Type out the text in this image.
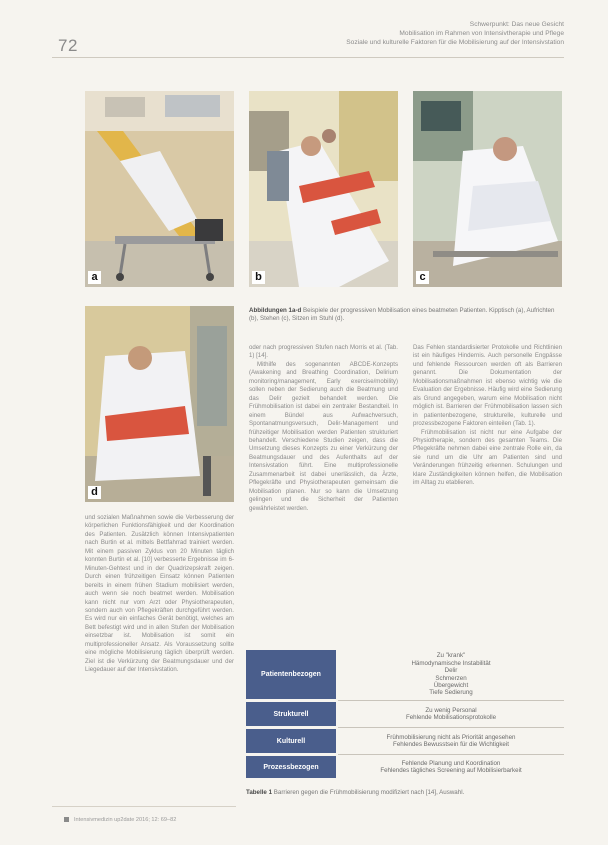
72
Schwerpunkt: Das neue Gesicht
Mobilisation im Rahmen von Intensivtherapie und Pflege
Soziale und kulturelle Faktoren für die Mobilisierung auf der Intensivstation
a	b	c
d
Abbildungen 1a-d Beispiele der progressiven Mobilisation eines beatmeten Patienten. Kipptisch (a), Aufrichten (b), Stehen (c), Sitzen im Stuhl (d).

und sozialen Maßnahmen sowie die Verbesserung der körperlichen Funktionsfähigkeit und der Koordination des Patienten. Zusätzlich können Intensivpatienten nach Burtin et al. mittels Bettfahrrad trainiert werden. Mit einem passiven Zyklus von 20 Minuten täglich konnten Burtin et al. [10] verbesserte Ergebnisse im 6-Minuten-Gehtest und in der Quadrizepskraft zeigen. Durch einen frühzeitigen Einsatz können Patienten bereits in einem frühen Stadium mobilisiert werden, auch wenn sie noch beatmet werden. Mobilisation kann nicht nur vom Arzt oder Physiotherapeuten, sondern auch von Pflegekräften durchgeführt werden. Es wird nur ein einfaches Gerät benötigt, welches am Bett befestigt wird und in allen Stufen der Mobilisation einsetzbar ist. Mobilisation ist somit ein multiprofessioneller Ansatz. Als Voraussetzung sollte eine mögliche Mobilisierung täglich überprüft werden. Ziel ist die Verkürzung der Beatmungsdauer und der Liegedauer auf der Intensivstation.

oder nach progressiven Stufen nach Morris et al. (Tab. 1) [14].

Mithilfe des sogenannten ABCDE-Konzepts (Awakening and Breathing Coordination, Delirium monitoring/management, Early exercise/mobility) sollen neben der Sedierung auch die Beatmung und das Delir gezielt behandelt werden. Die Frühmobilisation ist dabei ein zentraler Bestandteil. In einem Bündel aus Aufwachversuch, Spontanatmungsversuch, Delir-Management und frühzeitiger Mobilisation werden Patienten strukturiert behandelt. Verschiedene Studien zeigen, dass die Umsetzung dieses Konzepts zu einer Verkürzung der Beatmungsdauer und des Aufenthalts auf der Intensivstation führt. Eine multiprofessionelle Zusammenarbeit ist dabei unerlässlich, da Ärzte, Pflegekräfte und Physiotherapeuten gemeinsam die Mobilisation planen. Nur so kann die Umsetzung gelingen und die Sicherheit der Patienten gewährleistet werden.

Das Fehlen standardisierter Protokolle und Richtlinien ist ein häufiges Hindernis. Auch personelle Engpässe und fehlende Ressourcen werden oft als Barrieren genannt. Die Dokumentation der Mobilisationsmaßnahmen ist ebenso wichtig wie die Evaluation der Ergebnisse. Häufig wird eine Sedierung als Grund angegeben, warum eine Mobilisation nicht möglich ist. Barrieren der Frühmobilisation lassen sich in patientenbezogene, strukturelle, kulturelle und prozessbezogene Faktoren einteilen (Tab. 1).

Frühmobilisation ist nicht nur eine Aufgabe der Physiotherapie, sondern des gesamten Teams. Die Pflegekräfte nehmen dabei eine zentrale Rolle ein, da sie rund um die Uhr am Patienten sind und Veränderungen frühzeitig erkennen. Schulungen und klare Zuständigkeiten können helfen, die Mobilisation im Alltag zu etablieren.

Patientenbezogen
Zu "krank"
Hämodynamische Instabilität
Delir
Schmerzen
Übergewicht
Tiefe Sedierung
Strukturell
Zu wenig Personal
Fehlende Mobilisationsprotokolle
Kulturell
Frühmobilisierung nicht als Priorität angesehen
Fehlendes Bewusstsein für die Wichtigkeit
Prozessbezogen
Fehlende Planung und Koordination
Fehlendes tägliches Screening auf Mobilisierbarkeit
Tabelle 1 Barrieren gegen die Frühmobilisierung modifiziert nach [14], Auswahl.
Intensivmedizin up2date 2016; 12: 69–82
